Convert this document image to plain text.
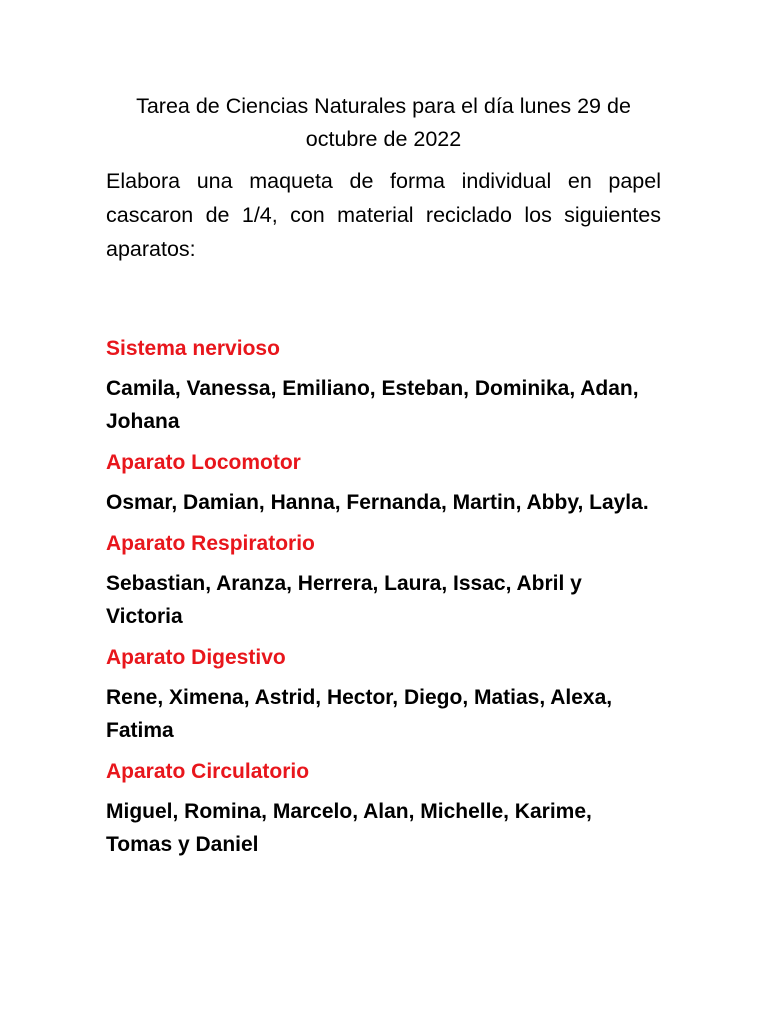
Tarea de Ciencias Naturales para el día lunes 29 de
octubre de 2022

Elabora una maqueta de forma individual en papel cascaron de 1/4, con material reciclado los siguientes aparatos:

Sistema nervioso

Camila, Vanessa, Emiliano, Esteban, Dominika, Adan, Johana

Aparato Locomotor

Osmar, Damian, Hanna, Fernanda, Martin, Abby, Layla.

Aparato Respiratorio

Sebastian, Aranza, Herrera, Laura, Issac, Abril y Victoria

Aparato Digestivo

Rene, Ximena, Astrid, Hector, Diego, Matias, Alexa, Fatima

Aparato Circulatorio

Miguel, Romina, Marcelo, Alan, Michelle, Karime, Tomas y Daniel
